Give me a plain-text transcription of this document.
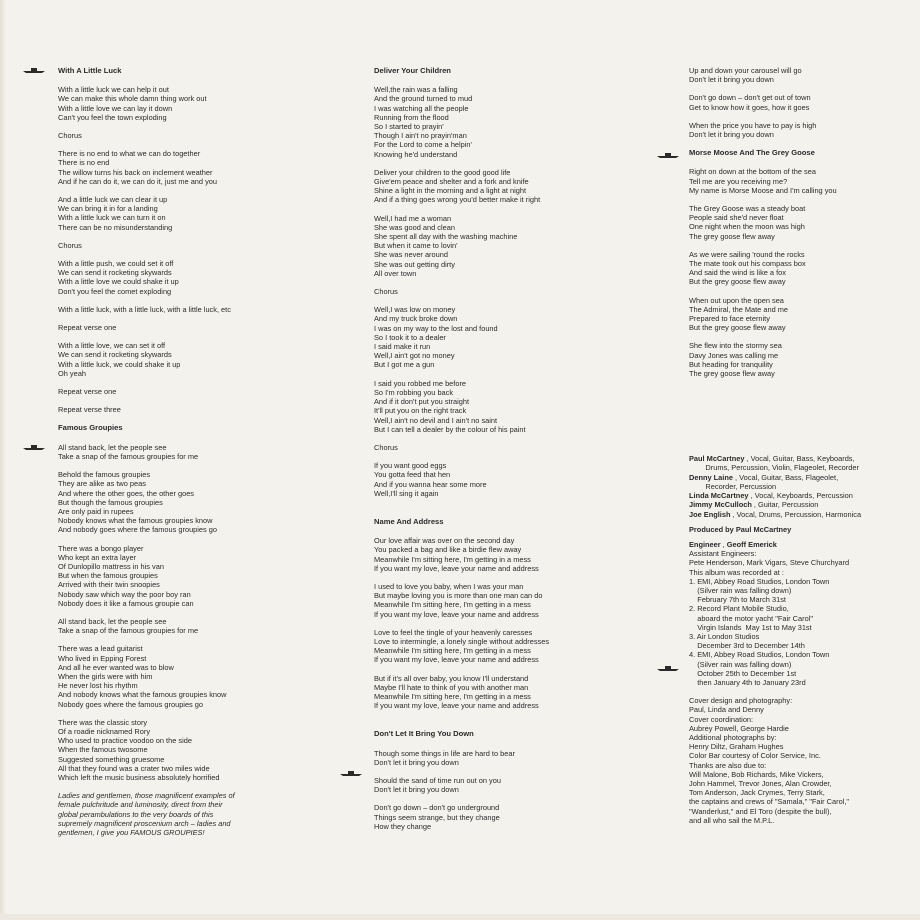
With A Little Luck
With a little luck we can help it out
We can make this whole damn thing work out
With a little love we can lay it down
Can't you feel the town exploding
Chorus
There is no end to what we can do together
There is no end
The willow turns his back on inclement weather
And if he can do it, we can do it, just me and you
And a little luck we can clear it up
We can bring it in for a landing
With a little luck we can turn it on
There can be no misunderstanding
Chorus
With a little push, we could set it off
We can send it rocketing skywards
With a little love we could shake it up
Don't you feel the comet exploding
With a little luck, with a little luck, with a little luck, etc
Repeat verse one
With a little love, we can set it off
We can send it rocketing skywards
With a little luck, we could shake it up
Oh yeah
Repeat verse one
Repeat verse three
Famous Groupies
All stand back, let the people see
Take a snap of the famous groupies for me
Behold the famous groupies
They are alike as two peas
And where the other goes, the other goes
But though the famous groupies
Are only paid in rupees
Nobody knows what the famous groupies know
And nobody goes where the famous groupies go
There was a bongo player
Who kept an extra layer
Of Dunlopillo mattress in his van
But when the famous groupies
Arrived with their twin snoopies
Nobody saw which way the poor boy ran
Nobody does it like a famous groupie can
All stand back, let the people see
Take a snap of the famous groupies for me
There was a lead guitarist
Who lived in Epping Forest
And all he ever wanted was to blow
When the girls were with him
He never lost his rhythm
And nobody knows what the famous groupies know
Nobody goes where the famous groupies go
There was the classic story
Of a roadie nicknamed Rory
Who used to practice voodoo on the side
When the famous twosome
Suggested something gruesome
All that they found was a crater two miles wide
Which left the music business absolutely horrified
Ladies and gentlemen, those magnificent examples of
female pulchritude and luminosity, direct from their
global perambulations to the very boards of this
supremely magnificent proscenium arch – ladies and
gentlemen, I give you FAMOUS GROUPIES!
Deliver Your Children
Well,the rain was a falling
And the ground turned to mud
I was watching all the people
Running from the flood
So I started to prayin'
Though I ain't no prayin'man
For the Lord to come a helpin'
Knowing he'd understand
Deliver your children to the good good life
Give'em peace and shelter and a fork and knife
Shine a light in the morning and a light at night
And if a thing goes wrong you'd better make it right
Well,I had me a woman
She was good and clean
She spent all day with the washing machine
But when it came to lovin'
She was never around
She was out getting dirty
All over town
Chorus
Well,I was low on money
And my truck broke down
I was on my way to the lost and found
So I took it to a dealer
I said make it run
Well,I ain't got no money
But I got me a gun
I said you robbed me before
So I'm robbing you back
And if it don't put you straight
It'll put you on the right track
Well,I ain't no devil and I ain't no saint
But I can tell a dealer by the colour of his paint
Chorus
If you want good eggs
You gotta feed that hen
And if you wanna hear some more
Well,I'll sing it again
Name And Address
Our love affair was over on the second day
You packed a bag and like a birdie flew away
Meanwhile I'm sitting here, I'm getting in a mess
If you want my love, leave your name and address
I used to love you baby, when I was your man
But maybe loving you is more than one man can do
Meanwhile I'm sitting here, I'm getting in a mess
If you want my love, leave your name and address
Love to feel the tingle of your heavenly caresses
Love to intermingle, a lonely single without addresses
Meanwhile I'm sitting here, I'm getting in a mess
If you want my love, leave your name and address
But if it's all over baby, you know I'll understand
Maybe I'll hate to think of you with another man
Meanwhile I'm sitting here, I'm getting in a mess
If you want my love, leave your name and address
Don't Let It Bring You Down
Though some things in life are hard to bear
Don't let it bring you down
Should the sand of time run out on you
Don't let it bring you down
Don't go down – don't go underground
Things seem strange, but they change
How they change
Up and down your carousel will go
Don't let it bring you down
Don't go down – don't get out of town
Get to know how it goes, how it goes
When the price you have to pay is high
Don't let it bring you down
Morse Moose And The Grey Goose
Right on down at the bottom of the sea
Tell me are you receiving me?
My name is Morse Moose and I'm calling you
The Grey Goose was a steady boat
People said she'd never float
One night when the moon was high
The grey goose flew away
As we were sailing 'round the rocks
The mate took out his compass box
And said the wind is like a fox
But the grey goose flew away
When out upon the open sea
The Admiral, the Mate and me
Prepared to face eternity
But the grey goose flew away
She flew into the stormy sea
Davy Jones was calling me
But heading for tranquility
The grey goose flew away
Paul McCartney , Vocal, Guitar, Bass, Keyboards,
Drums, Percussion, Violin, Flageolet, Recorder
Denny Laine , Vocal, Guitar, Bass, Flageolet,
Recorder, Percussion
Linda McCartney , Vocal, Keyboards, Percussion
Jimmy McCulloch , Guitar, Percussion
Joe English , Vocal, Drums, Percussion, Harmonica
Produced by Paul McCartney
Engineer , Geoff Emerick
Assistant Engineers:
Pete Henderson, Mark Vigars, Steve Churchyard
This album was recorded at :
1. EMI, Abbey Road Studios, London Town
(Silver rain was falling down)
February 7th to March 31st
2. Record Plant Mobile Studio,
aboard the motor yacht "Fair Carol"
Virgin Islands  May 1st to May 31st
3. Air London Studios
December 3rd to December 14th
4. EMI, Abbey Road Studios, London Town
(Silver rain was falling down)
October 25th to December 1st
then January 4th to January 23rd
Cover design and photography:
Paul, Linda and Denny
Cover coordination:
Aubrey Powell, George Hardie
Additional photographs by:
Henry Diltz, Graham Hughes
Color Bar courtesy of Color Service, Inc.
Thanks are also due to:
Will Malone, Bob Richards, Mike Vickers,
John Hammel, Trevor Jones, Alan Crowder,
Tom Anderson, Jack Crymes, Terry Stark,
the captains and crews of "Samala," "Fair Carol,"
"Wanderlust," and El Toro (despite the bull),
and all who sail the M.P.L.
